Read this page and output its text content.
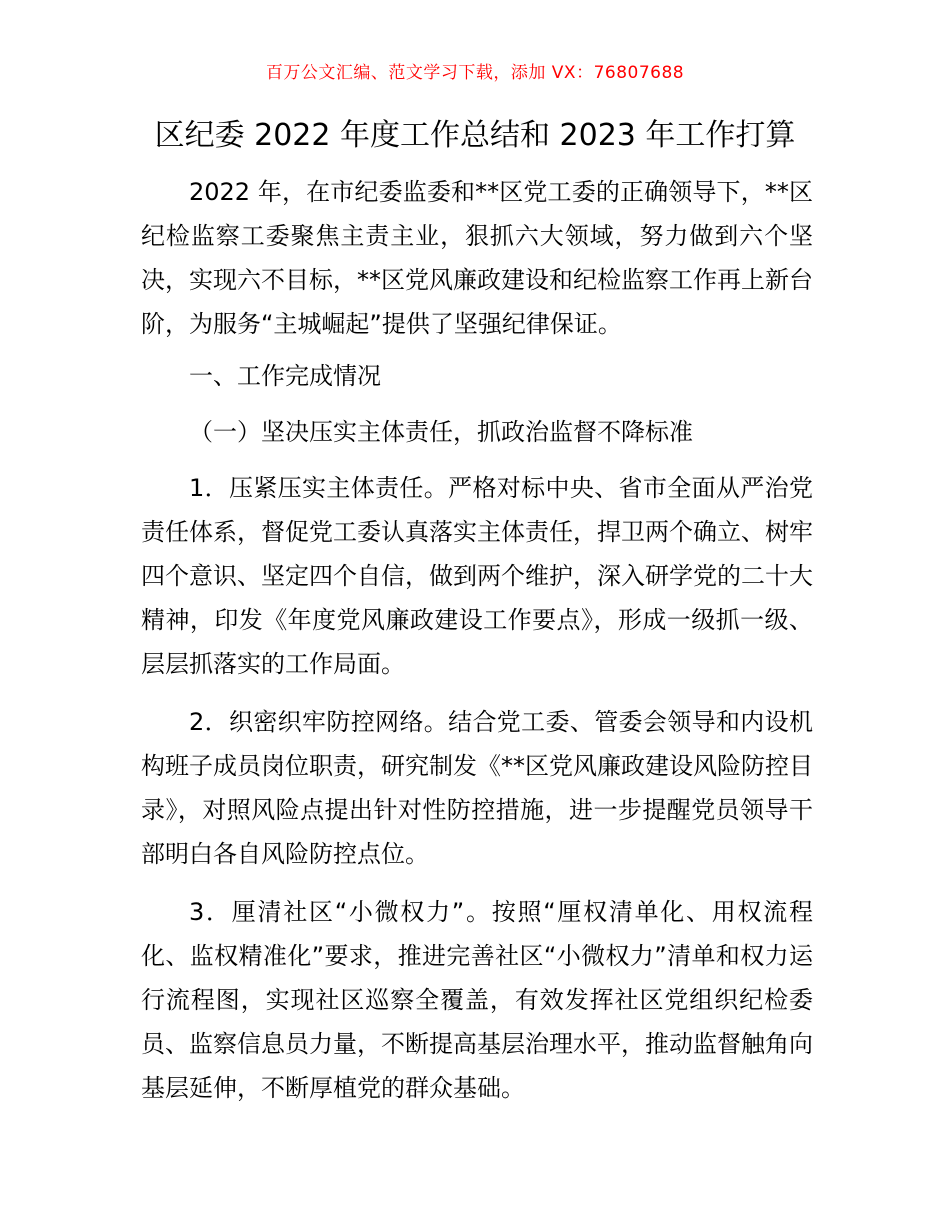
百万公文汇编、范文学习下载，添加 VX：76807688
区纪委 2022 年度工作总结和 2023 年工作打算

2022 年，在市纪委监委和**区党工委的正确领导下，**区纪检监察工委聚焦主责主业，狠抓六大领域，努力做到六个坚决，实现六不目标，**区党风廉政建设和纪检监察工作再上新台阶，为服务“主城崛起”提供了坚强纪律保证。

一、工作完成情况

（一）坚决压实主体责任，抓政治监督不降标准

1．压紧压实主体责任。严格对标中央、省市全面从严治党责任体系，督促党工委认真落实主体责任，捍卫两个确立、树牢四个意识、坚定四个自信，做到两个维护，深入研学党的二十大精神，印发《年度党风廉政建设工作要点》，形成一级抓一级、层层抓落实的工作局面。

2．织密织牢防控网络。结合党工委、管委会领导和内设机构班子成员岗位职责，研究制发《**区党风廉政建设风险防控目录》，对照风险点提出针对性防控措施，进一步提醒党员领导干部明白各自风险防控点位。

3．厘清社区“小微权力”。按照“厘权清单化、用权流程化、监权精准化”要求，推进完善社区“小微权力”清单和权力运行流程图，实现社区巡察全覆盖，有效发挥社区党组织纪检委员、监察信息员力量，不断提高基层治理水平，推动监督触角向基层延伸，不断厚植党的群众基础。
